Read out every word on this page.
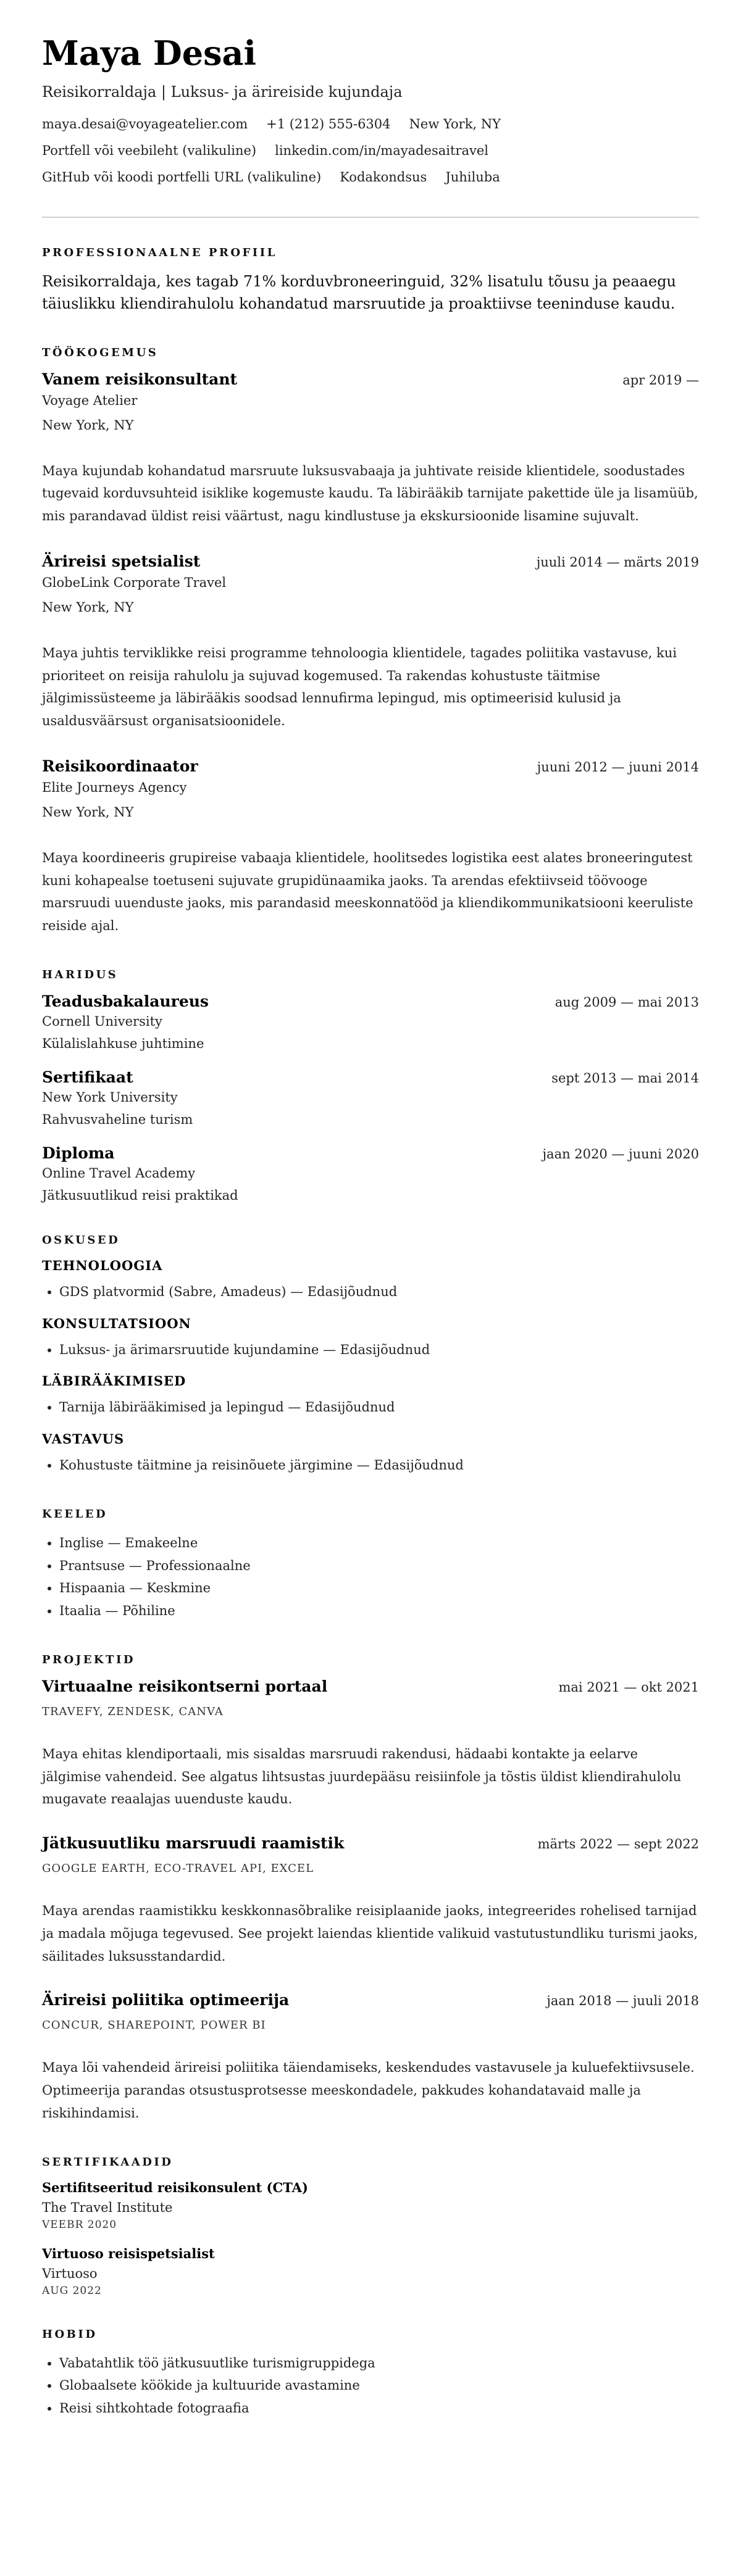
Maya Desai
Reisikorraldaja | Luksus- ja ärireiside kujundaja
maya.desai@voyageatelier.com +1 (212) 555-6304 New York, NY
Portfell või veebileht (valikuline) linkedin.com/in/mayadesaitravel
GitHub või koodi portfelli URL (valikuline) Kodakondsus Juhiluba
PROFESSIONAALNE PROFIIL

Reisikorraldaja, kes tagab 71% korduvbroneeringuid, 32% lisatulu tõusu ja peaaegu täiuslikku kliendirahulolu kohandatud marsruutide ja proaktiivse teeninduse kaudu.

TÖÖKOGEMUS
Vanem reisikonsultant	apr 2019 —
Voyage Atelier
New York, NY
Maya kujundab kohandatud marsruute luksusvabaaja ja juhtivate reiside klientidele, soodustades tugevaid korduvsuhteid isiklike kogemuste kaudu. Ta läbirääkib tarnijate pakettide üle ja lisamüüb, mis parandavad üldist reisi väärtust, nagu kindlustuse ja ekskursioonide lisamine sujuvalt.
Ärireisi spetsialist	juuli 2014 — märts 2019
GlobeLink Corporate Travel
New York, NY
Maya juhtis terviklikke reisi programme tehnoloogia klientidele, tagades poliitika vastavuse, kui prioriteet on reisija rahulolu ja sujuvad kogemused. Ta rakendas kohustuste täitmise jälgimissüsteeme ja läbirääkis soodsad lennufirma lepingud, mis optimeerisid kulusid ja usaldusväärsust organisatsioonidele.
Reisikoordinaator	juuni 2012 — juuni 2014
Elite Journeys Agency
New York, NY
Maya koordineeris grupireise vabaaja klientidele, hoolitsedes logistika eest alates broneeringutest kuni kohapealse toetuseni sujuvate grupidünaamika jaoks. Ta arendas efektiivseid töövooge marsruudi uuenduste jaoks, mis parandasid meeskonnatööd ja kliendikommunikatsiooni keeruliste reiside ajal.
HARIDUS
Teadusbakalaureus	aug 2009 — mai 2013
Cornell University
Külalislahkuse juhtimine
Sertifikaat	sept 2013 — mai 2014
New York University
Rahvusvaheline turism
Diploma	jaan 2020 — juuni 2020
Online Travel Academy
Jätkusuutlikud reisi praktikad
OSKUSED
TEHNOLOOGIA
• GDS platvormid (Sabre, Amadeus) — Edasijõudnud
KONSULTATSIOON
• Luksus- ja ärimarsruutide kujundamine — Edasijõudnud
LÄBIRÄÄKIMISED
• Tarnija läbirääkimised ja lepingud — Edasijõudnud
VASTAVUS
• Kohustuste täitmine ja reisinõuete järgimine — Edasijõudnud
KEELED
• Inglise — Emakeelne
• Prantsuse — Professionaalne
• Hispaania — Keskmine
• Itaalia — Põhiline
PROJEKTID
Virtuaalne reisikontserni portaal	mai 2021 — okt 2021
TRAVEFY, ZENDESK, CANVA
Maya ehitas klendiportaali, mis sisaldas marsruudi rakendusi, hädaabi kontakte ja eelarve jälgimise vahendeid. See algatus lihtsustas juurdepääsu reisiinfole ja tõstis üldist kliendirahulolu mugavate reaalajas uuenduste kaudu.
Jätkusuutliku marsruudi raamistik	märts 2022 — sept 2022
GOOGLE EARTH, ECO-TRAVEL API, EXCEL
Maya arendas raamistikku keskkonnasõbralike reisiplaanide jaoks, integreerides rohelised tarnijad ja madala mõjuga tegevused. See projekt laiendas klientide valikuid vastutustundliku turismi jaoks, säilitades luksusstandardid.
Ärireisi poliitika optimeerija	jaan 2018 — juuli 2018
CONCUR, SHAREPOINT, POWER BI
Maya lõi vahendeid ärireisi poliitika täiendamiseks, keskendudes vastavusele ja kuluefektiivsusele. Optimeerija parandas otsustusprotsesse meeskondadele, pakkudes kohandatavaid malle ja riskihindamisi.
SERTIFIKAADID
Sertifitseeritud reisikonsulent (CTA)
The Travel Institute
VEEBR 2020
Virtuoso reisispetsialist
Virtuoso
AUG 2022
HOBID
• Vabatahtlik töö jätkusuutlike turismigruppidega
• Globaalsete köökide ja kultuuride avastamine
• Reisi sihtkohtade fotograafia
